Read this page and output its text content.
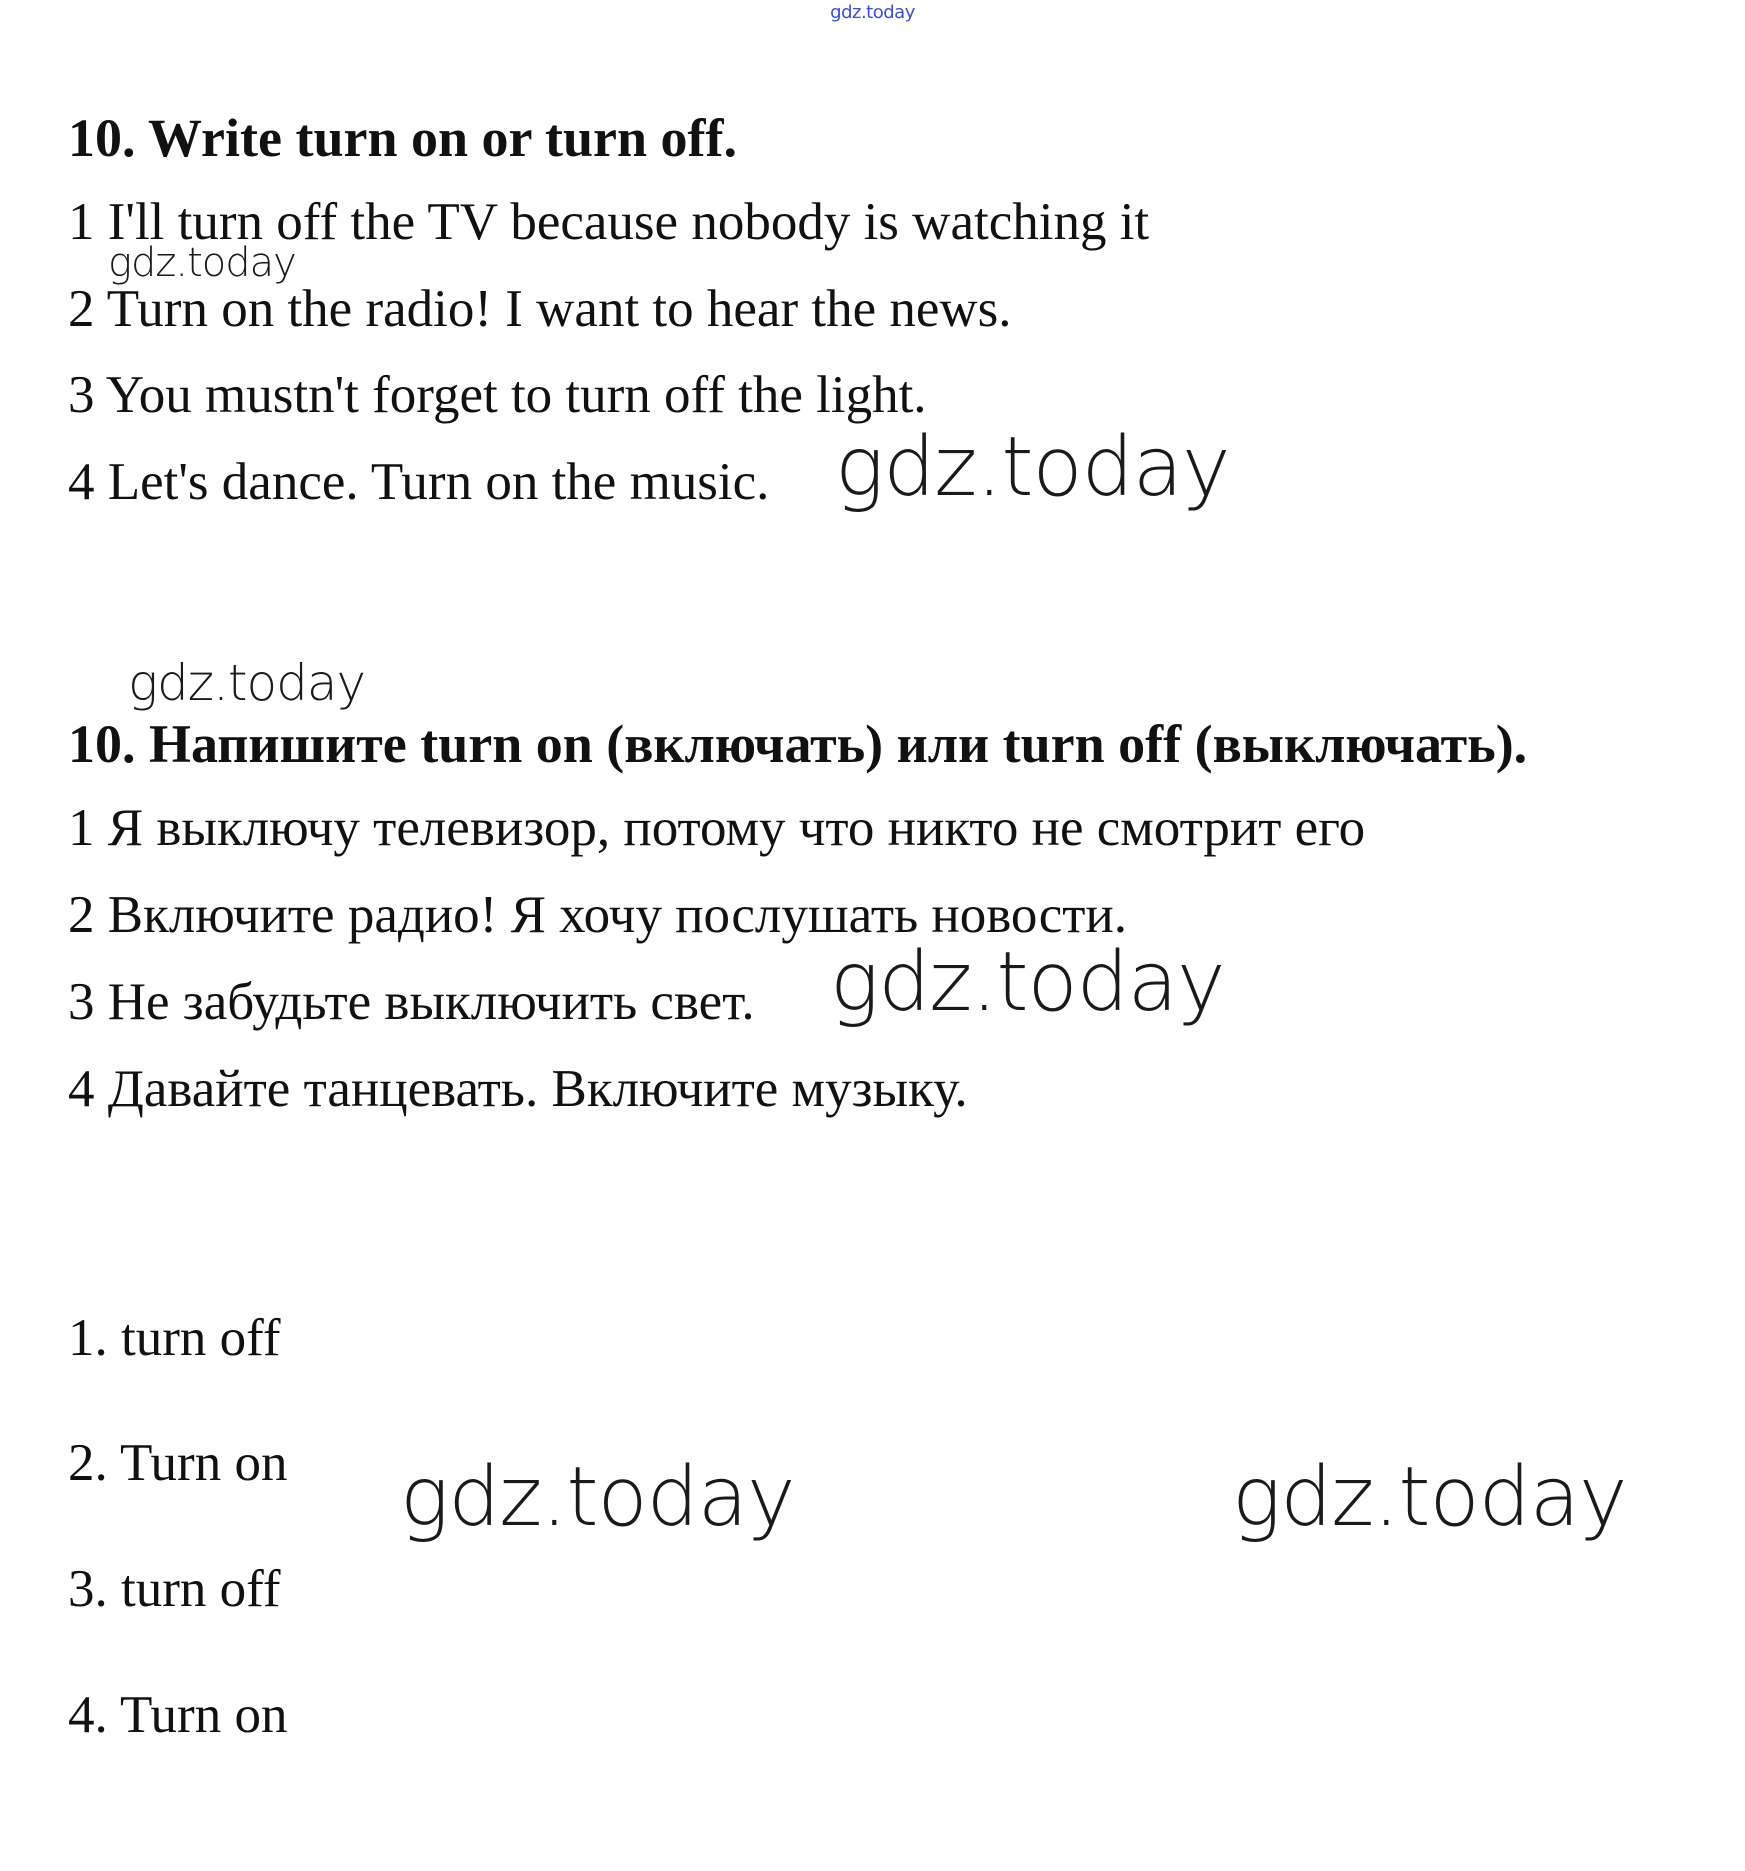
gdz.today
10. Write turn on or turn off.
1 I'll turn off the TV because nobody is watching it
2 Turn on the radio! I want to hear the news.
3 You mustn't forget to turn off the light.
4 Let's dance. Turn on the music.
10. Напишите turn on (включать) или turn off (выключать).
1 Я выключу телевизор, потому что никто не смотрит его
2 Включите радио! Я хочу послушать новости.
3 Не забудьте выключить свет.
4 Давайте танцевать. Включите музыку.
1. turn off
2. Turn on
3. turn off
4. Turn on
gdz.today
gdz.today
gdz.today
gdz.today
gdz.today	gdz.today
